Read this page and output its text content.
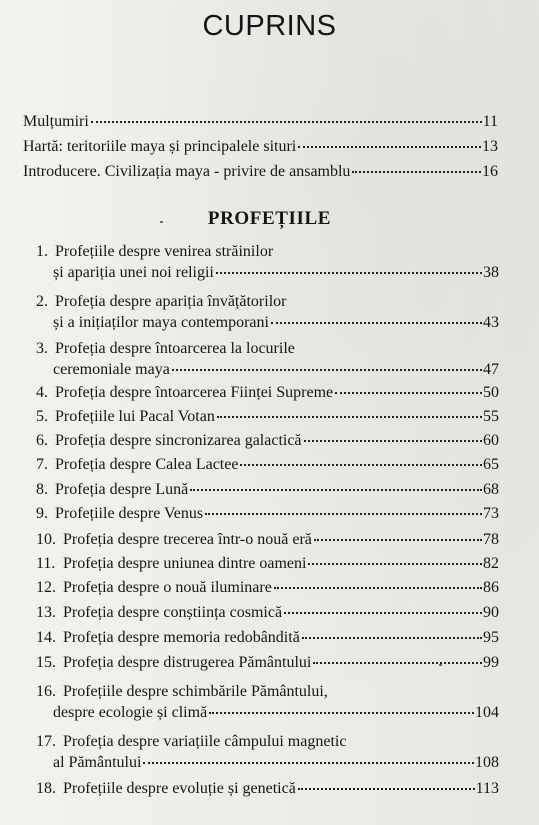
CUPRINS
Mulțumiri	11
Hartă: teritoriile maya și principalele situri	13
Introducere. Civilizația maya - privire de ansamblu	16
PROFEȚIILE
1. Profețiile despre venirea străinilor
și apariția unei noi religii	38
2. Profeția despre apariția învățătorilor
și a inițiaților maya contemporani	43
3. Profeția despre întoarcerea la locurile
ceremoniale maya	47
4. Profeția despre întoarcerea Ființei Supreme	50
5. Profețiile lui Pacal Votan	55
6. Profeția despre sincronizarea galactică	60
7. Profeția despre Calea Lactee	65
8. Profeția despre Lună	68
9. Profețiile despre Venus	73
10. Profeția despre trecerea într-o nouă eră	78
11. Profeția despre uniunea dintre oameni	82
12. Profeția despre o nouă iluminare	86
13. Profeția despre conștiința cosmică	90
14. Profeția despre memoria redobândită	95
15. Profeția despre distrugerea Pământului	99
16. Profețiile despre schimbările Pământului,
despre ecologie și climă	104
17. Profeția despre variațiile câmpului magnetic
al Pământului	108
18. Profețiile despre evoluție și genetică	113
